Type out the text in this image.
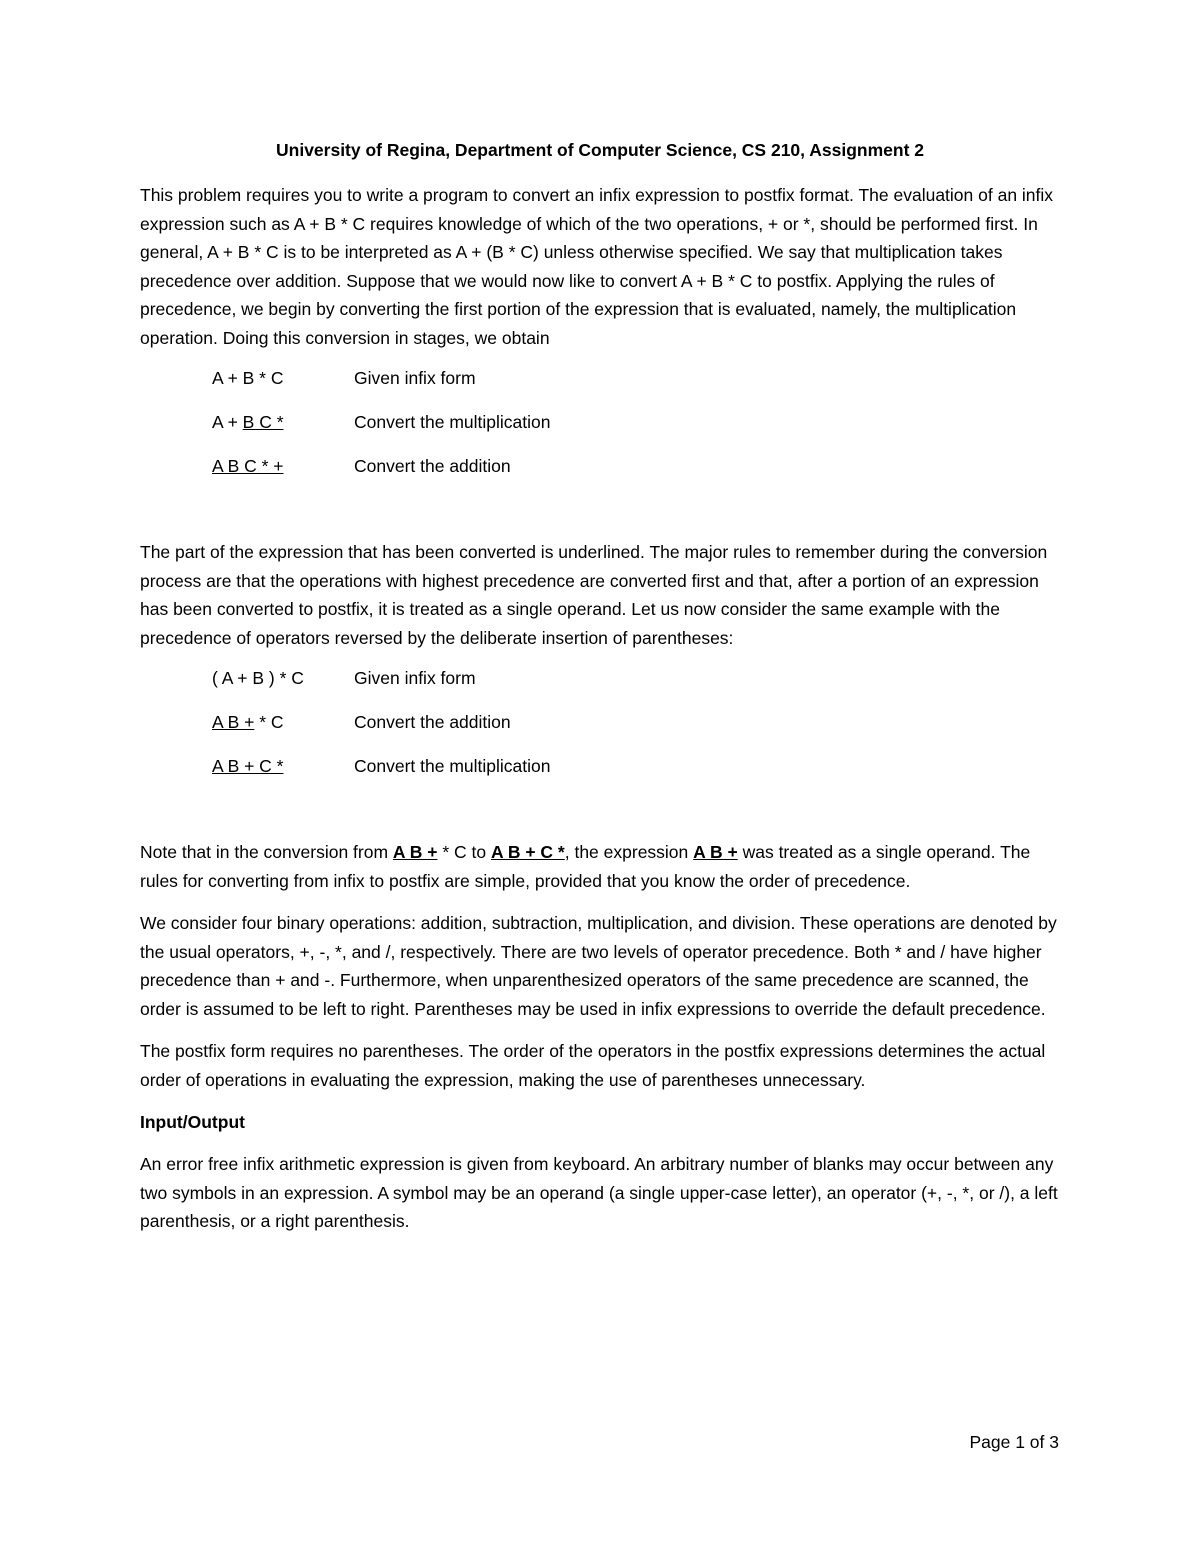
University of Regina, Department of Computer Science, CS 210, Assignment 2

This problem requires you to write a program to convert an infix expression to postfix format. The evaluation of an infix expression such as A + B * C requires knowledge of which of the two operations, + or *, should be performed first. In general, A + B * C is to be interpreted as A + (B * C) unless otherwise specified. We say that multiplication takes precedence over addition. Suppose that we would now like to convert A + B * C to postfix. Applying the rules of precedence, we begin by converting the first portion of the expression that is evaluated, namely, the multiplication operation. Doing this conversion in stages, we obtain

A + B * C	Given infix form
A + B C *	Convert the multiplication
A B C * +	Convert the addition

The part of the expression that has been converted is underlined. The major rules to remember during the conversion process are that the operations with highest precedence are converted first and that, after a portion of an expression has been converted to postfix, it is treated as a single operand. Let us now consider the same example with the precedence of operators reversed by the deliberate insertion of parentheses:

( A + B ) * C	Given infix form
A B + * C	Convert the addition
A B + C *	Convert the multiplication

Note that in the conversion from A B + * C to A B + C *, the expression A B + was treated as a single operand. The rules for converting from infix to postfix are simple, provided that you know the order of precedence.

We consider four binary operations: addition, subtraction, multiplication, and division. These operations are denoted by the usual operators, +, -, *, and /, respectively. There are two levels of operator precedence. Both * and / have higher precedence than + and -. Furthermore, when unparenthesized operators of the same precedence are scanned, the order is assumed to be left to right. Parentheses may be used in infix expressions to override the default precedence.

The postfix form requires no parentheses. The order of the operators in the postfix expressions determines the actual order of operations in evaluating the expression, making the use of parentheses unnecessary.

Input/Output

An error free infix arithmetic expression is given from keyboard. An arbitrary number of blanks may occur between any two symbols in an expression. A symbol may be an operand (a single upper-case letter), an operator (+, -, *, or /), a left parenthesis, or a right parenthesis.

Page 1 of 3
